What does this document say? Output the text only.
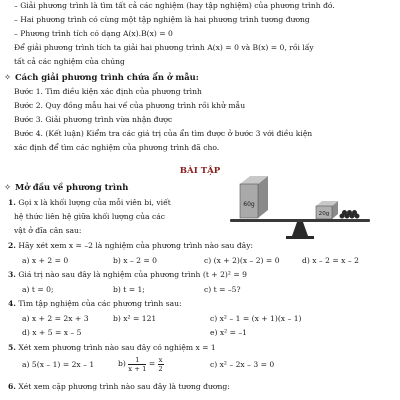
– Giải phương trình là tìm tất cả các nghiệm (hay tập nghiệm) của phương trình đó.
– Hai phương trình có cùng một tập nghiệm là hai phương trình tương đương
– Phương trình tích có dạng A(x).B(x) = 0
Để giải phương trình tích ta giải hai phương trình A(x) = 0 và B(x) = 0, rồi lấy
tất cả các nghiệm của chúng
✧ Cách giải phương trình chứa ẩn ở mẫu:
Bước 1. Tìm điều kiện xác định của phương trình
Bước 2. Quy đồng mẫu hai vế của phương trình rồi khử mẫu
Bước 3. Giải phương trình vừa nhận được
Bước 4. (Kết luận) Kiểm tra các giá trị của ẩn tìm được ở bước 3 với điều kiện
xác định để tìm các nghiệm của phương trình đã cho.
BÀI TẬP
✧ Mở đầu về phương trình
1. Gọi x là khối lượng của mỗi viên bi, viết
hệ thức liên hệ giữa khối lượng của các
vật ở đĩa cân sau:
60g
20g
2. Hãy xét xem x = –2 là nghiệm của phương trình nào sau đây:
a) x + 2 = 0	b) x – 2 = 0	c) (x + 2)(x – 2) = 0	d) x – 2 = x – 2
3. Giá trị nào sau đây là nghiệm của phương trình (t + 2)² = 9
a) t = 0;	b) t = 1;	c) t = –5?
4. Tìm tập nghiệm của các phương trình sau:
a) x + 2 = 2x + 3	b) x² = 121	c) x² – 1 = (x + 1)(x – 1)
d) x + 5 = x – 5	e) x² = –1
5. Xét xem phương trình nào sau đây có nghiệm x = 1
a) 5(x – 1) = 2x – 1	$b) \frac{1}{x + 1} = \frac{x}{2}$	c) x² – 2x – 3 = 0
6. Xét xem cặp phương trình nào sau đây là tương đương:
